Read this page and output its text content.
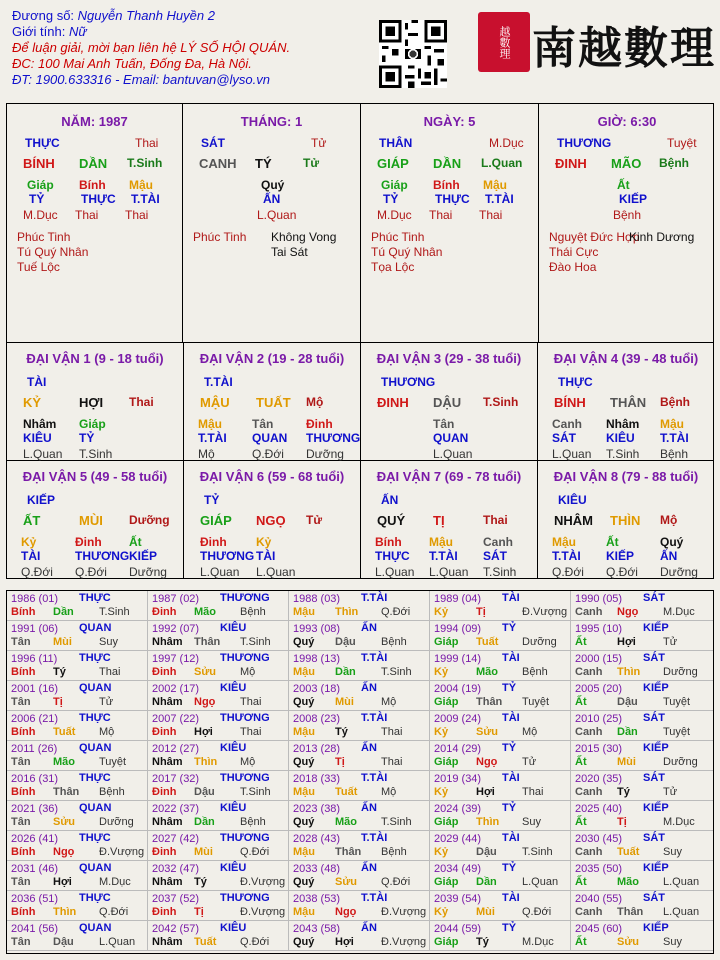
Đương số: Nguyễn Thanh Huyền 2
Giới tính: Nữ
Để luận giải, mời bạn liên hệ LÝ SỐ HỘI QUÁN.
ĐC: 100 Mai Anh Tuấn, Đống Đa, Hà Nội.
ĐT: 1900.633316 - Email: bantuvan@lyso.vn
越數理 南越數理
NĂM: 1987
THỰC	Thai
BÍNH DẦN T.Sinh
Giáp
TỶ
M.Dục
Bính
THỰC
Thai
Mậu
T.TÀI
Thai
Phúc Tinh
Tú Quý Nhân
Tuế Lộc
THÁNG: 1
SÁT	Tử
CANH TÝ	Tử
Quý
ẤN
L.Quan
Phúc Tinh Không Vong
Tai Sát
NGÀY: 5
THÂN	M.Dục
GIÁP DẦN L.Quan
Giáp
TỶ
M.Dục
Bính
THỰC
Thai
Mậu
T.TÀI
Thai
Phúc Tinh
Tú Quý Nhân
Tọa Lộc
GIỜ: 6:30
THƯƠNG	Tuyệt
ĐINH MÃO Bệnh
Ất
KIẾP
Bệnh
Nguyệt Đức Hợp
Thái Cực
Đào Hoa
Kinh Dương
ĐẠI VẬN 1 (9 - 18 tuổi)
TÀI
KỶ	HỢI Thai
Nhâm
KIÊU
L.Quan
Giáp
TỶ
T.Sinh
ĐẠI VẬN 2 (19 - 28 tuổi)
T.TÀI
MẬU TUẤT Mộ
Mậu
T.TÀI
Mộ
Tân
QUAN
Q.Đới
Đinh
THƯƠNG
Dưỡng
ĐẠI VẬN 3 (29 - 38 tuổi)
THƯƠNG
ĐINH DẬU T.Sinh
Tân
QUAN
L.Quan
ĐẠI VẬN 4 (39 - 48 tuổi)
THỰC
BÍNH THÂN Bệnh
Canh
SÁT
L.Quan
Nhâm
KIÊU
T.Sinh
Mậu
T.TÀI
Bệnh
ĐẠI VẬN 5 (49 - 58 tuổi)
KIẾP
ẤT	MÙI Dưỡng
Kỷ
TÀI
Q.Đới
Đinh
THƯƠNG
Q.Đới
Ất
KIẾP
Dưỡng
ĐẠI VẬN 6 (59 - 68 tuổi)
TỶ
GIÁP NGỌ Tử
Đinh
THƯƠNG
L.Quan
Kỷ
TÀI
L.Quan
ĐẠI VẬN 7 (69 - 78 tuổi)
ẤN
QUÝ TỊ	Thai
Bính
THỰC
L.Quan
Mậu
T.TÀI
L.Quan
Canh
SÁT
T.Sinh
ĐẠI VẬN 8 (79 - 88 tuổi)
KIÊU
NHÂM THÌN Mộ
Mậu
T.TÀI
Q.Đới
Ất
KIẾP
Q.Đới
Quý
ẤN
Dưỡng
1986 (01) THỰC
Bính Dần T.Sinh
1987 (02) THƯƠNG
Đinh Mão Bệnh
1988 (03) T.TÀI
Mậu Thìn Q.Đới
1989 (04) TÀI
Kỷ	Tị	Đ.Vượng
1990 (05) SÁT
Canh Ngọ M.Dục
1991 (06) QUAN
Tân Mùi Suy
1992 (07) KIÊU
Nhâm Thân T.Sinh
1993 (08) ẤN
Quý Dậu Bệnh
1994 (09) TỶ
Giáp Tuất Dưỡng
1995 (10) KIẾP
Ất	Hợi Tử
1996 (11) THỰC
Bính Tý	Thai
1997 (12) THƯƠNG
Đinh Sửu Mộ
1998 (13) T.TÀI
Mậu Dần T.Sinh
1999 (14) TÀI
Kỷ	Mão Bệnh
2000 (15) SÁT
Canh Thìn Dưỡng
2001 (16) QUAN
Tân Tị	Tử
2002 (17) KIÊU
Nhâm Ngọ Thai
2003 (18) ẤN
Quý Mùi Mộ
2004 (19) TỶ
Giáp Thân Tuyệt
2005 (20) KIẾP
Ất	Dậu Tuyệt
2006 (21) THỰC
Bính Tuất Mộ
2007 (22) THƯƠNG
Đinh Hợi Thai
2008 (23) T.TÀI
Mậu Tý	Thai
2009 (24) TÀI
Kỷ	Sửu Mộ
2010 (25) SÁT
Canh Dần Tuyệt
2011 (26) QUAN
Tân Mão Tuyệt
2012 (27) KIÊU
Nhâm Thìn Mộ
2013 (28) ẤN
Quý Tị	Thai
2014 (29) TỶ
Giáp Ngọ Tử
2015 (30) KIẾP
Ất	Mùi Dưỡng
2016 (31) THỰC
Bính Thân Bệnh
2017 (32) THƯƠNG
Đinh Dậu T.Sinh
2018 (33) T.TÀI
Mậu Tuất Mộ
2019 (34) TÀI
Kỷ	Hợi Thai
2020 (35) SÁT
Canh Tý	Tử
2021 (36) QUAN
Tân Sửu Dưỡng
2022 (37) KIÊU
Nhâm Dần Bệnh
2023 (38) ẤN
Quý Mão T.Sinh
2024 (39) TỶ
Giáp Thìn Suy
2025 (40) KIẾP
Ất	Tị	M.Dục
2026 (41) THỰC
Bính Ngọ Đ.Vượng
2027 (42) THƯƠNG
Đinh Mùi Q.Đới
2028 (43) T.TÀI
Mậu Thân Bệnh
2029 (44) TÀI
Kỷ	Dậu T.Sinh
2030 (45) SÁT
Canh Tuất Suy
2031 (46) QUAN
Tân Hợi M.Dục
2032 (47) KIÊU
Nhâm Tý	Đ.Vượng
2033 (48) ẤN
Quý Sửu Q.Đới
2034 (49) TỶ
Giáp Dần L.Quan
2035 (50) KIẾP
Ất	Mão L.Quan
2036 (51) THỰC
Bính Thìn Q.Đới
2037 (52) THƯƠNG
Đinh Tị	Đ.Vượng
2038 (53) T.TÀI
Mậu Ngọ Đ.Vượng
2039 (54) TÀI
Kỷ	Mùi Q.Đới
2040 (55) SÁT
Canh Thân L.Quan
2041 (56) QUAN
Tân Dậu L.Quan
2042 (57) KIÊU
Nhâm Tuất Q.Đới
2043 (58) ẤN
Quý Hợi Đ.Vượng
2044 (59) TỶ
Giáp Tý	M.Dục
2045 (60) KIẾP
Ất	Sửu Suy
